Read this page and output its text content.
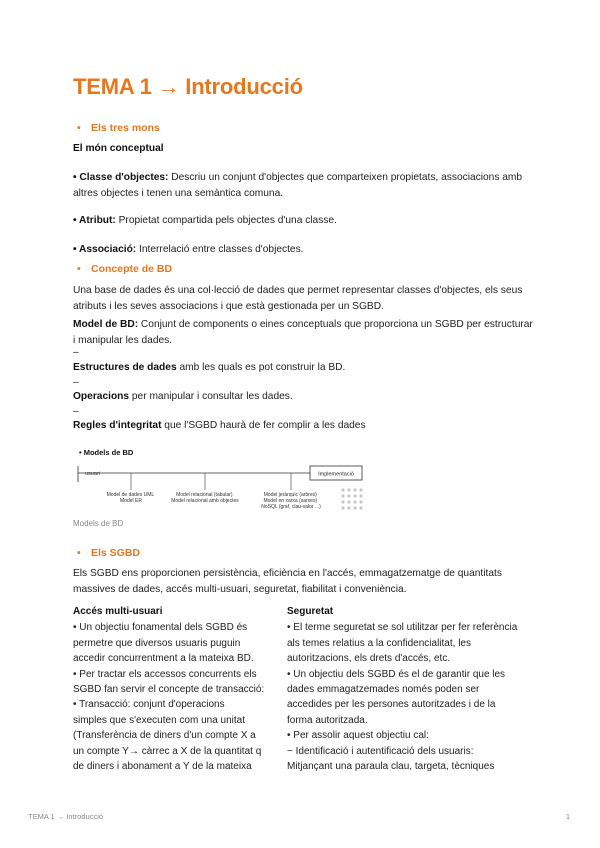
TEMA 1 → Introducció
• Els tres mons
El món conceptual
• Classe d'objectes: Descriu un conjunt d'objectes que comparteixen propietats, associacions amb altres objectes i tenen una semàntica comuna.
• Atribut: Propietat compartida pels objectes d'una classe.
• Associació: Interrelació entre classes d'objectes.
• Concepte de BD
Una base de dades és una col·lecció de dades que permet representar classes d'objectes, els seus atributs i les seves associacions i que està gestionada per un SGBD.
Model de BD: Conjunt de components o eines conceptuals que proporciona un SGBD per estructurar i manipular les dades.
–
Estructures de dades amb les quals es pot construir la BD.
–
Operacions per manipular i consultar les dades.
–
Regles d'integritat que l'SGBD haurà de fer complir a les dades
• Els SGBD
Els SGBD ens proporcionen persistència, eficiència en l'accés, emmagatzematge de quantitats massives de dades, accés multi-usuari, seguretat, fiabilitat i conveniència.
• Models de BD
usuari	Implementació
Model de dades UML Model ER
Model relacional (tabular) Model relacional amb objectes
Model jeràrquic (arbres) Model en xarxa (xarxes) NoSQL (graf, clau-valor ...)
Models de BD
Accés multi-usuari
• Un objectiu fonamental dels SGBD és
permetre que diversos usuaris puguin
accedir concurrentment a la mateixa BD.
• Per tractar els accessos concurrents els
SGBD fan servir el concepte de transacció:
• Transacció: conjunt d'operacions
simples que s'executen com una unitat
(Transferència de diners d'un compte X a
un compte Y→ càrrec a X de la quantitat q
de diners i abonament a Y de la mateixa
Seguretat
• El terme seguretat se sol utilitzar per fer referència
als temes relatius a la confidencialitat, les
autoritzacions, els drets d'accés, etc.
• Un objectiu dels SGBD és el de garantir que les
dades emmagatzemades només poden ser
accedides per les persones autoritzades i de la
forma autoritzada.
• Per assolir aquest objectiu cal:
− Identificació i autentificació dels usuaris:
Mitjançant una paraula clau, targeta, tècniques
TEMA 1 → Introducció	1
